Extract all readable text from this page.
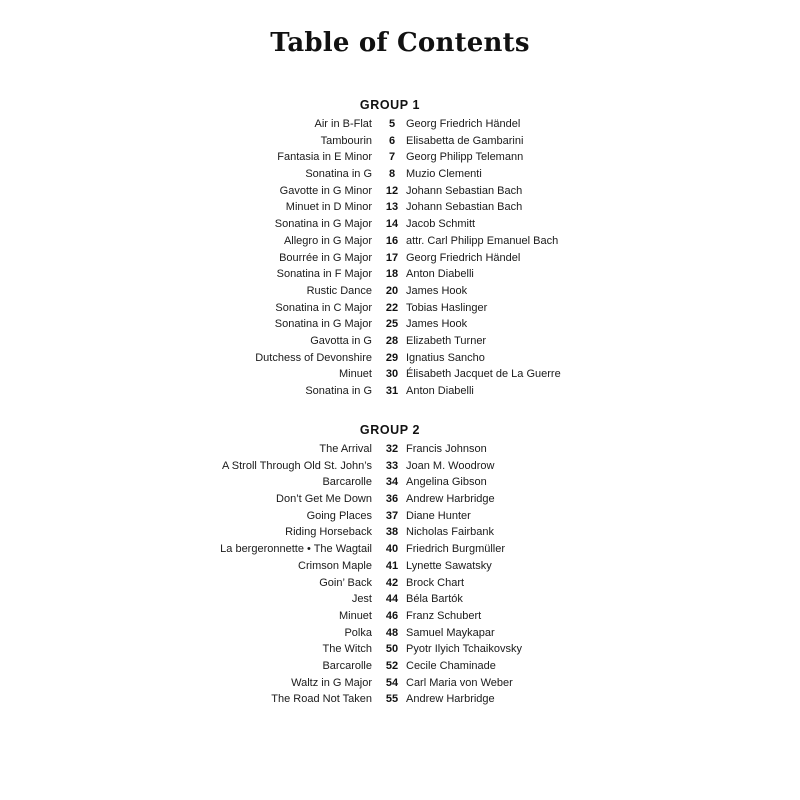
Table of Contents
GROUP 1
Air in B-Flat	5 Georg Friedrich Händel
Tambourin	6 Elisabetta de Gambarini
Fantasia in E Minor	7 Georg Philipp Telemann
Sonatina in G	8 Muzio Clementi
Gavotte in G Minor	12 Johann Sebastian Bach
Minuet in D Minor	13 Johann Sebastian Bach
Sonatina in G Major	14 Jacob Schmitt
Allegro in G Major	16 attr. Carl Philipp Emanuel Bach
Bourrée in G Major	17 Georg Friedrich Händel
Sonatina in F Major	18 Anton Diabelli
Rustic Dance	20 James Hook
Sonatina in C Major	22 Tobias Haslinger
Sonatina in G Major	25 James Hook
Gavotta in G	28 Elizabeth Turner
Dutchess of Devonshire	29 Ignatius Sancho
Minuet	30 Élisabeth Jacquet de La Guerre
Sonatina in G	31 Anton Diabelli
GROUP 2
The Arrival	32 Francis Johnson
A Stroll Through Old St. John’s	33 Joan M. Woodrow
Barcarolle	34 Angelina Gibson
Don’t Get Me Down	36 Andrew Harbridge
Going Places	37 Diane Hunter
Riding Horseback	38 Nicholas Fairbank
La bergeronnette • The Wagtail	40 Friedrich Burgmüller
Crimson Maple	41 Lynette Sawatsky
Goin’ Back	42 Brock Chart
Jest	44 Béla Bartók
Minuet	46 Franz Schubert
Polka	48 Samuel Maykapar
The Witch	50 Pyotr Ilyich Tchaikovsky
Barcarolle	52 Cecile Chaminade
Waltz in G Major	54 Carl Maria von Weber
The Road Not Taken	55 Andrew Harbridge
